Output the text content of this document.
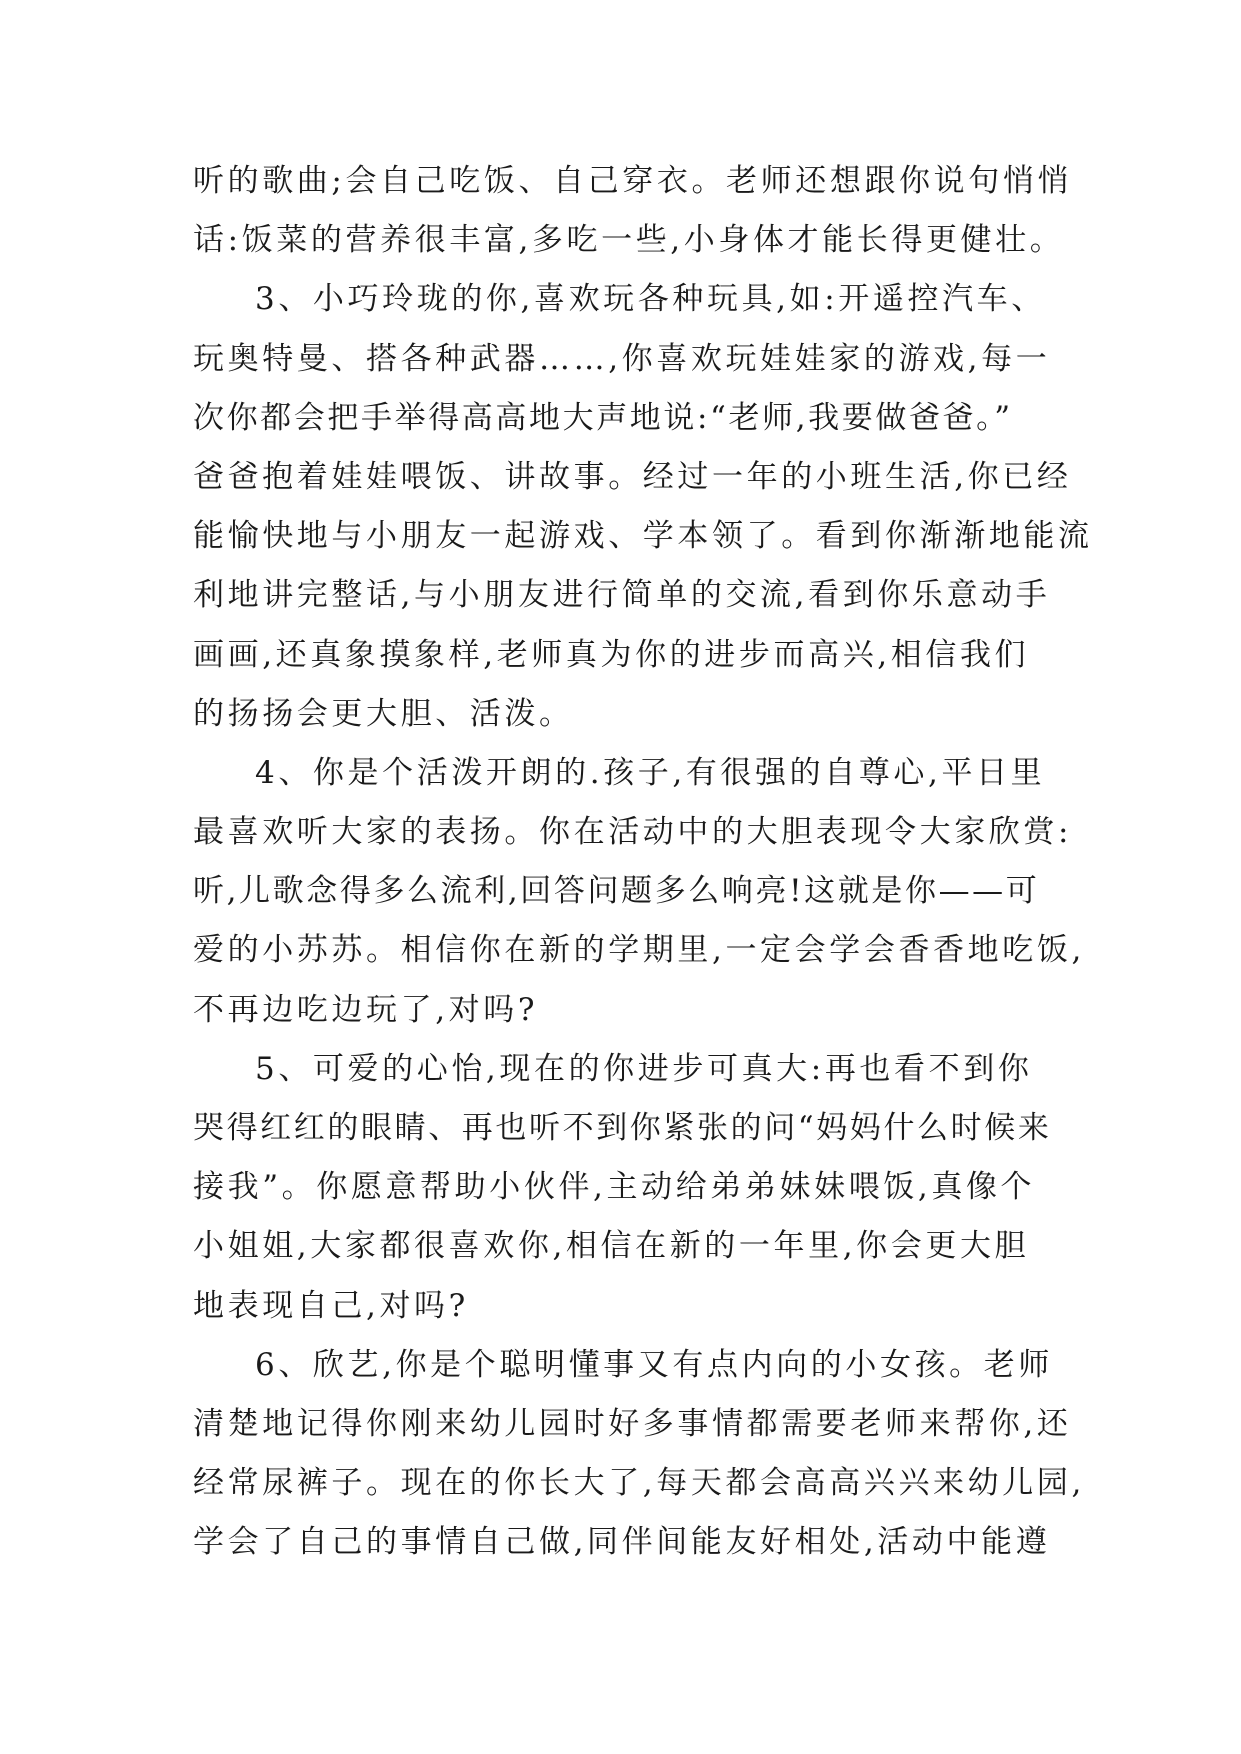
听的歌曲;会自己吃饭、自己穿衣。老师还想跟你说句悄悄
话:饭菜的营养很丰富,多吃一些,小身体才能长得更健壮。
3、小巧玲珑的你,喜欢玩各种玩具,如:开遥控汽车、
玩奥特曼、搭各种武器……,你喜欢玩娃娃家的游戏,每一
次你都会把手举得高高地大声地说:“老师,我要做爸爸。”
爸爸抱着娃娃喂饭、讲故事。经过一年的小班生活,你已经
能愉快地与小朋友一起游戏、学本领了。看到你渐渐地能流
利地讲完整话,与小朋友进行简单的交流,看到你乐意动手
画画,还真象摸象样,老师真为你的进步而高兴,相信我们
的扬扬会更大胆、活泼。
4、你是个活泼开朗的.孩子,有很强的自尊心,平日里
最喜欢听大家的表扬。你在活动中的大胆表现令大家欣赏:
听,儿歌念得多么流利,回答问题多么响亮!这就是你——可
爱的小苏苏。相信你在新的学期里,一定会学会香香地吃饭,
不再边吃边玩了,对吗?
5、可爱的心怡,现在的你进步可真大:再也看不到你
哭得红红的眼睛、再也听不到你紧张的问“妈妈什么时候来
接我”。你愿意帮助小伙伴,主动给弟弟妹妹喂饭,真像个
小姐姐,大家都很喜欢你,相信在新的一年里,你会更大胆
地表现自己,对吗?
6、欣艺,你是个聪明懂事又有点内向的小女孩。老师
清楚地记得你刚来幼儿园时好多事情都需要老师来帮你,还
经常尿裤子。现在的你长大了,每天都会高高兴兴来幼儿园,
学会了自己的事情自己做,同伴间能友好相处,活动中能遵
